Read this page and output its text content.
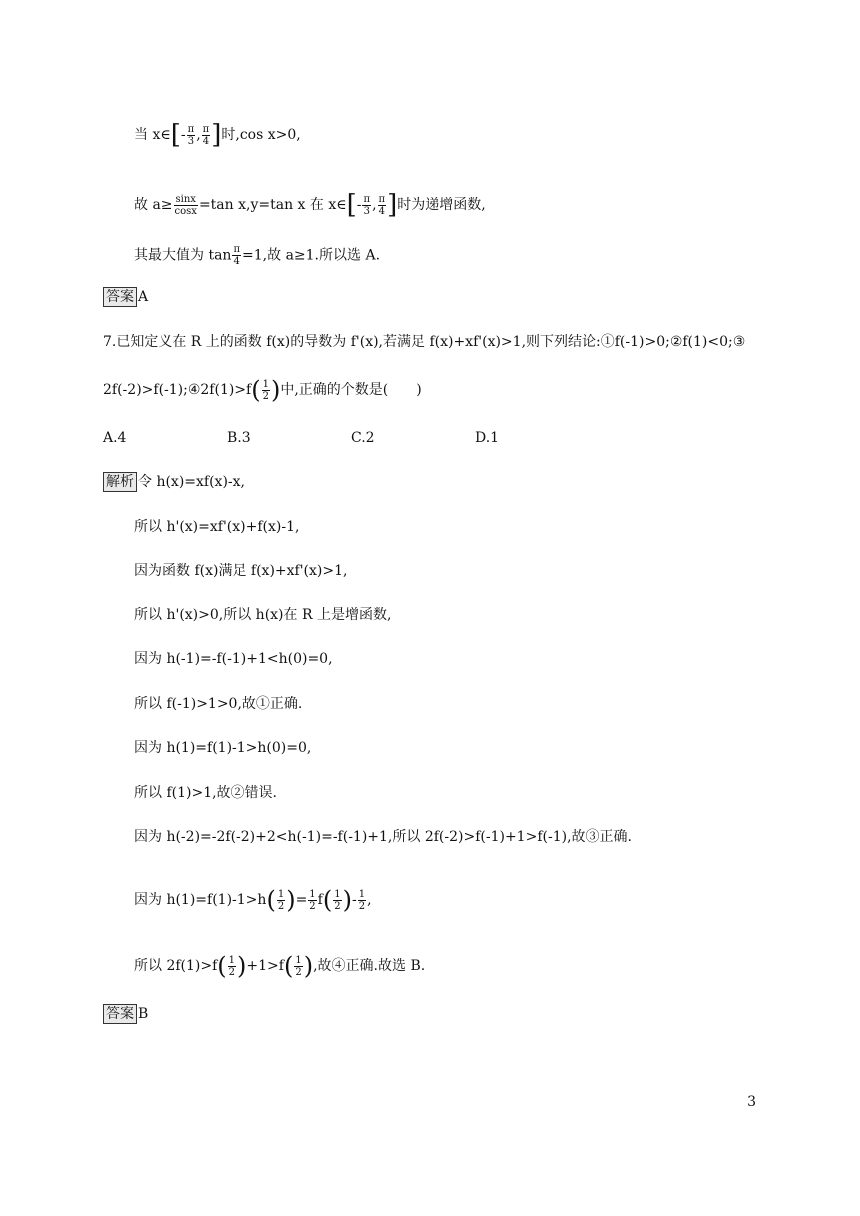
当 x∈[- $\frac{\pi}{3}$ , $\frac{\pi}{4}$ ]时,cos x>0,
故 $a\ge \frac{\sin x}{\cos x} =\tan$ x,y=tan x 在 x∈[- $\frac{\pi}{3}$ , $\frac{\pi}{4}$ ]时为递增函数,
其最大值为 $\tan \frac{\pi}{4} =1$,故 a≥1.所以选 A.
答案 A
7.已知定义在 R 上的函数 f(x)的导数为 f'(x),若满足 f(x)+xf'(x)>1,则下列结论:①f(-1)>0;②f(1)<0;③
2f(-2)>f(-1);④2f(1)>f( $\frac{1}{2}$ )中,正确的个数是(　　)
A.4	B.3	C.2	D.1
解析 令 h(x)=xf(x)-x,
所以 h'(x)=xf'(x)+f(x)-1,
因为函数 f(x)满足 f(x)+xf'(x)>1,
所以 h'(x)>0,所以 h(x)在 R 上是增函数,
因为 h(-1)=-f(-1)+1<h(0)=0,
所以 f(-1)>1>0,故①正确.
因为 h(1)=f(1)-1>h(0)=0,
所以 f(1)>1,故②错误.
因为 h(-2)=-2f(-2)+2<h(-1)=-f(-1)+1,所以 2f(-2)>f(-1)+1>f(-1),故③正确.
因为 $h(1)=f(1)-1>h( \frac{1}{2}$ )= $\frac{1}{2} f( \frac{1}{2}$ )- $\frac{1}{2}$ ,
所以 $2f(1)>f( \frac{1}{2} )+1>f( \frac{1}{2}$ ),故④正确.故选 B.
答案 B
3
